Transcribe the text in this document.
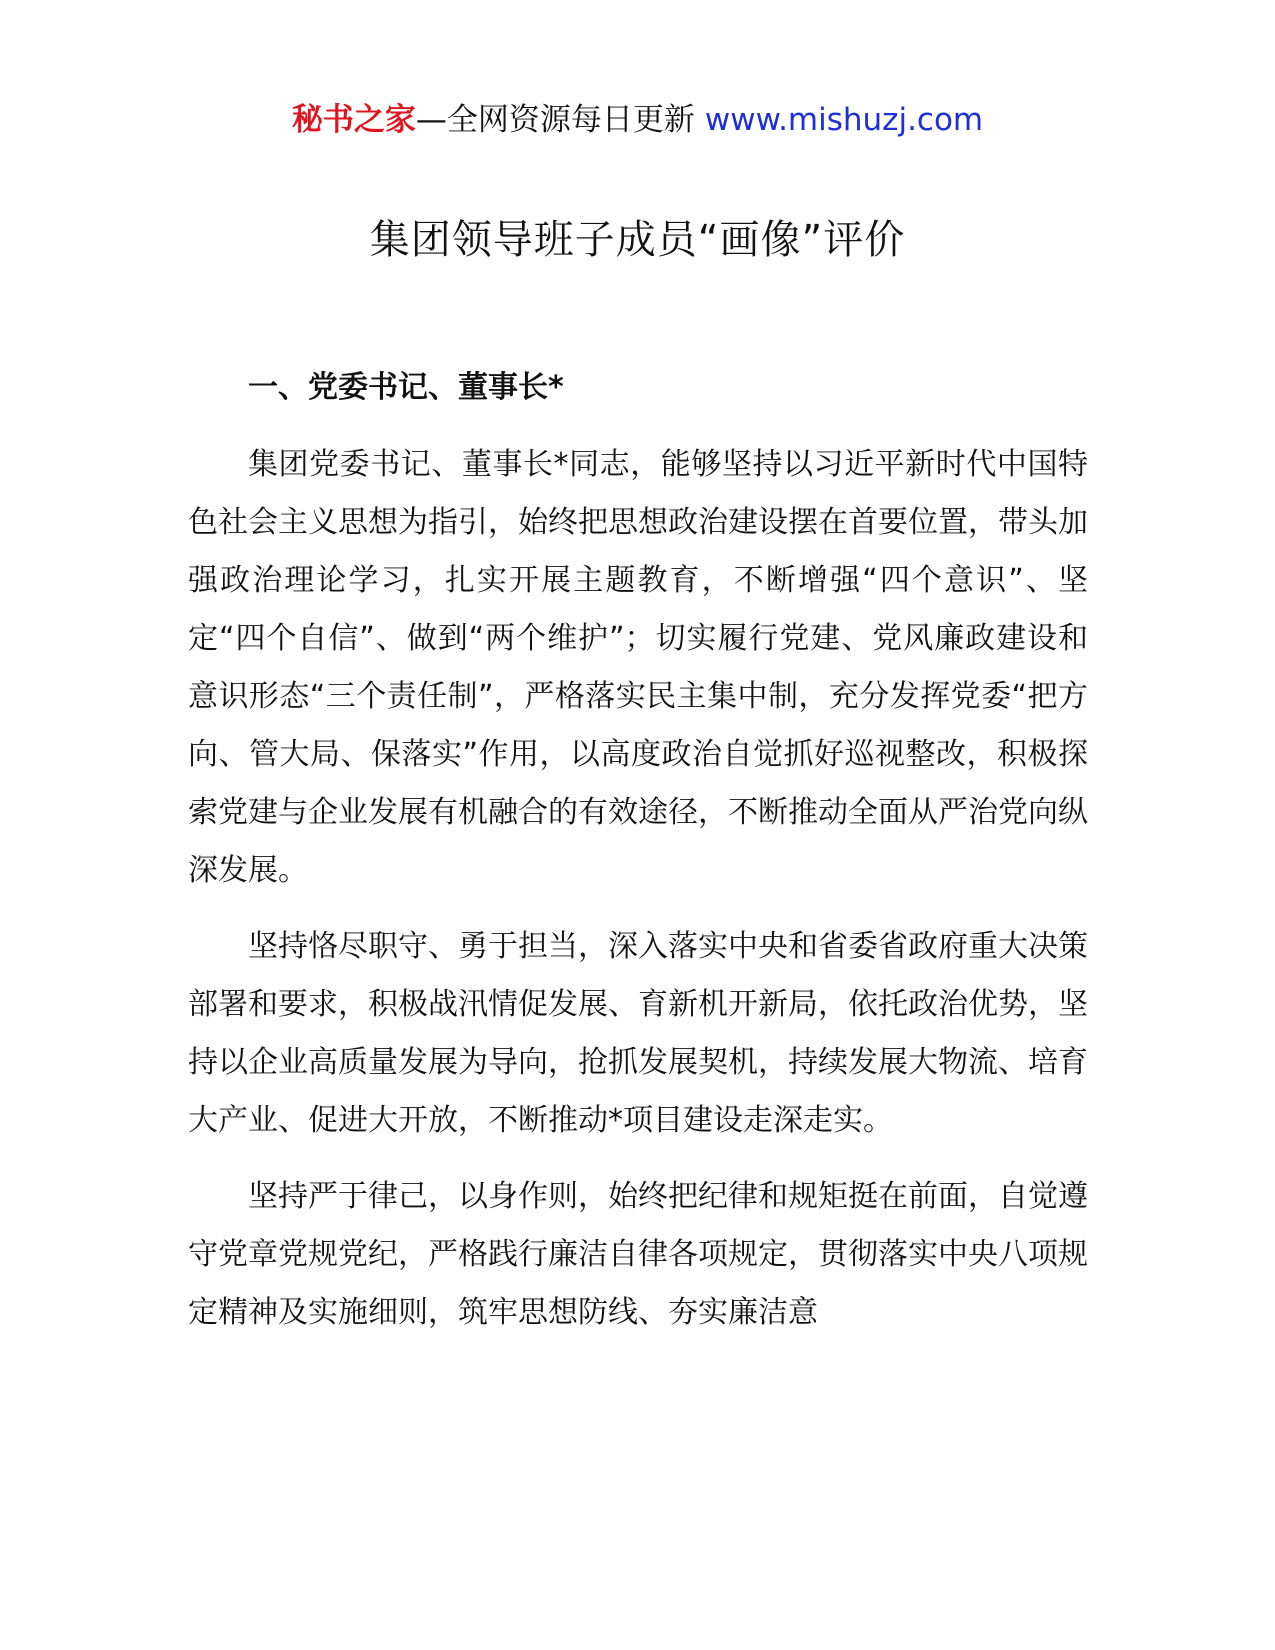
秘书之家—全网资源每日更新 www.mishuzj.com
集团领导班子成员“画像”评价
一、党委书记、董事长*

集团党委书记、董事长*同志，能够坚持以习近平新时代中国特色社会主义思想为指引，始终把思想政治建设摆在首要位置，带头加强政治理论学习，扎实开展主题教育，不断增强“四个意识”、坚定“四个自信”、做到“两个维护”；切实履行党建、党风廉政建设和意识形态“三个责任制”，严格落实民主集中制，充分发挥党委“把方向、管大局、保落实”作用，以高度政治自觉抓好巡视整改，积极探索党建与企业发展有机融合的有效途径，不断推动全面从严治党向纵深发展。

坚持恪尽职守、勇于担当，深入落实中央和省委省政府重大决策部署和要求，积极战汛情促发展、育新机开新局，依托政治优势，坚持以企业高质量发展为导向，抢抓发展契机，持续发展大物流、培育大产业、促进大开放，不断推动*项目建设走深走实。

坚持严于律己，以身作则，始终把纪律和规矩挺在前面，自觉遵守党章党规党纪，严格践行廉洁自律各项规定，贯彻落实中央八项规定精神及实施细则，筑牢思想防线、夯实廉洁意
